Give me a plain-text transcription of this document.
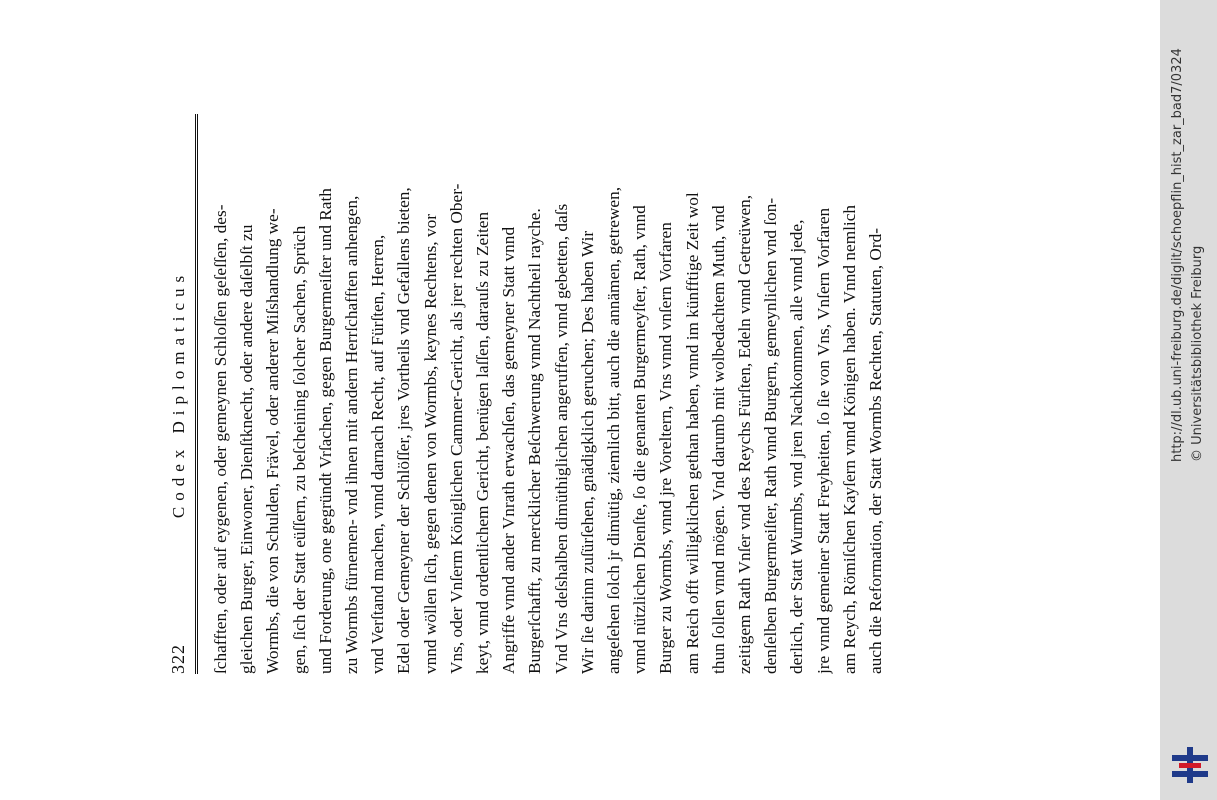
322
Codex Diplomaticus ſchafften, oder auf eygenen, oder gemeynen Schloſſen geſeſſen, des- gleichen Burger, Einwoner, Dienſtknecht, oder andere daſelbſt zu Wormbs, die von Schulden, Frävel, oder anderer Miſshandlung we- gen, ſich der Statt eüſſern, zu beſcheining ſolcher Sachen, Sprüch und Forderung, one gegründt Vrſachen, gegen Burgermeiſter und Rath zu Wormbs fürnemen- vnd ihnen mit andern Herrſchafften anhengen, vnd Verſtand machen, vnnd darnach Recht, auf Fürſten, Herren, Edel oder Gemeyner der Schlöſſer, jres Vortheils vnd Gefallens bieten, vnnd wöllen ſich, gegen denen von Wormbs, keynes Rechtens, vor Vns, oder Vnſerm Königlichen Cammer-Gericht, als jrer rechten Ober- keyt, vnnd ordentlichem Gericht, benügen laſſen, darauſs zu Zeiten Angriffe vnnd ander Vnrath erwachſen, das gemeyner Statt vnnd Burgerſchafft, zu mercklicher Beſchwerung vnnd Nachtheil rayche. Vnd Vns deſshalben dimüthiglichen angeruffen, vnnd gebetten, daſs Wir ſie darinn zuſürſehen, gnädigklich geruchen; Des haben Wir angeſehen ſolch jr dimütig, ziemlich bitt, auch die annämen, getrewen, vnnd nützlichen Dienſte, ſo die genanten Burgermeyſter, Rath, vnnd Burger zu Wormbs, vnnd jre Voreltern, Vns vnnd vnſern Vorfaren am Reich offt willigklichen gethan haben, vnnd im künfftige Zeit wol thun ſollen vnnd mögen. Vnd darumb mit wolbedachtem Muth, vnd zeitigem Rath Vnſer vnd des Reychs Fürſten, Edeln vnnd Getreüwen, denſelben Burgermeiſter, Rath vnnd Burgern, gemeynlichen vnd ſon- derlich, der Statt Wurmbs, vnd jren Nachkommen, alle vnnd jede, jre vnnd gemeiner Statt Freyheiten, ſo ſie von Vns, Vnſern Vorfaren am Reych, Römiſchen Kayſern vnnd Königen haben. Vnnd nemlich auch die Reformation, der Statt Wormbs Rechten, Statuten, Ord-	http://dl.ub.uni-freiburg.de/diglit/schoepflin_hist_zar_bad7/0324 © Universitätsbibliothek Freiburg
